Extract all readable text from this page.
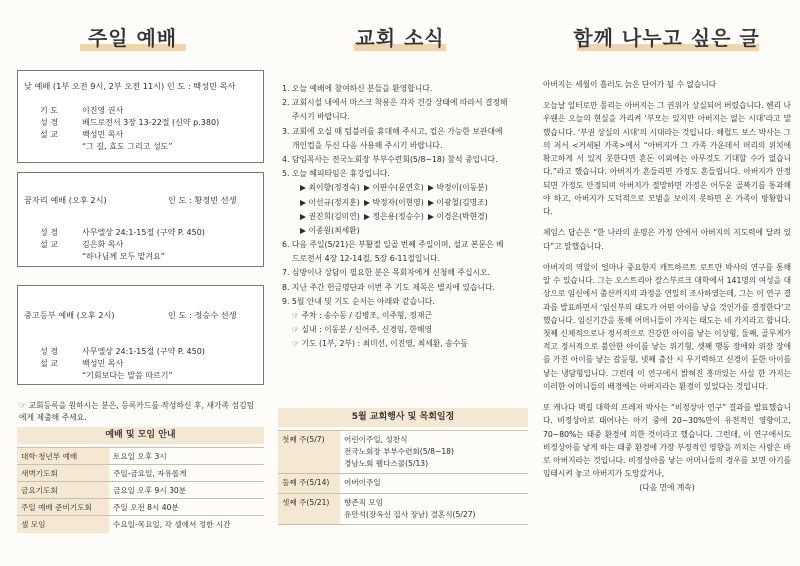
주일 예배
낮 예배 (1부 오전 9시, 2부 오전 11시) 인 도 : 백성민 목사
기 도	이진영 권사
성 경	베드로전서 3장 13-22절 (신약 p.380)
설 교	백성민 목사
“그 길, 효도 그리고 성도”
꿈자리 예배 (오후 2시)	인 도 : 황정빈 선생
성 경	사무엘상 24:1-15절 (구약 P. 450)
설 교	김은화 목사
“하나님께 모두 맡겨요”
중고등부 예배 (오후 2시)	인 도 : 정승수 선생
성 경	사무엘상 24:1-15절 (구약 P. 450)
설 교	백성민 목사
“기회보다는 말씀 따르기”
☞ 교회등록을 원하시는 분은, 등록카드를 작성하신 후, 새가족 섬김팀에게 제출해 주세요.
예배 및 모임 안내
대학·청년부 예배	토요일 오후 3시
새벽기도회	주일-금요일, 자유롭게
금요기도회	금요일 오후 9시 30분
주일 예배 준비기도회	주일 오전 8시 40분
셀 모임	수요일-목요일, 각 셀에서 정한 시간
교회 소식

1. 오늘 예배에 참여하신 분들을 환영합니다.

2. 교회시설 내에서 마스크 착용은 각자 건강 상태에 따라서 결정해

주시기 바랍니다.

3. 교회에 오실 때 텀블러를 휴대해 주시고, 컵은 가능한 보관대에

개인컵을 두신 다음 사용해 주시기 바랍니다.

4. 담임목사는 전국노회장 부부수련회(5/8~18) 참석 중입니다.

5. 오늘 헤피타임은 휴강입니다.

▶ 최이향(정경숙) ▶ 이판수(문연호) ▶ 박정이(이동분)
▶ 이선규(정지훈) ▶ 박정자(이현영) ▶ 이광철(김명조)
▶ 권진희(김미연) ▶ 정은용(정승수) ▶ 이경은(박현경)
▶ 이종원(최세환)

6. 다음 주일(5/21)은 부활절 일곱 번째 주일이며, 설교 본문은 베

드로전서 4장 12-14절, 5장 6-11절입니다.

7. 심방이나 상담이 필요한 분은 목회자에게 신청해 주십시오.

8. 지난 주간 헌금명단과 이번 주 기도 제목은 별지에 있습니다.

9. 5월 안내 및 기도 순서는 아래와 같습니다.

☞ 주차 : 송수동 / 김병조, 이주형, 정재근

☞ 실내 : 이동분 / 신어주, 신경임, 한해영

☞ 기도 (1부, 2부) : 최미선, 이진영, 최세환, 송수동

5월 교회행사 및 목회일정
첫째 주(5/7)	어린이주일, 성찬식
전국노회장 부부수련회(5/8~18)
경남노회 웰다스콜(5/13)

둘째 주(5/14)	어버이주일

셋째 주(5/21)	향존직 모임
유만석(장옥선 집사 장남) 결혼식(5/27)
함께 나누고 싶은 글

아버지는 세월이 흘러도 늙은 단어가 될 수 없습니다

오늘날 일터로만 몰리는 아버지는 그 권위가 상실되어 버렸습니다. 헨리 나우웬은 오늘의 현실을 가리켜 ‘부모는 있지만 아버지는 없는 시대’라고 말했습니다. ‘부권 상실의 시대’의 시대라는 것입니다. 해럴드 보스 박사는 그의 저서 <거세된 가족>에서 “아버지가 그 가족 가운데서 머리의 위치에 확고하게 서 있지 못한다면 혼돈 이외에는 아무것도 기대할 수가 없습니다.”라고 했습니다. 아버지가 흔들리면 가정도 흔들립니다. 아버지가 안정되면 가정도 안정되며 아버지가 절망하면 가정은 어두운 골짜기를 통과해야 하고, 아버지가 도덕적으로 모범을 보이지 못하면 온 가족이 방황합니다.

체임스 답슨은 “한 나라의 운명은 가정 안에서 아버지의 지도력에 달려 있다”고 말했습니다.

아버지의 역할이 얼마나 중요한지 캐트하르트 로트만 박사의 연구를 통해 알 수 있습니다. 그는 오스트리아 잘스부르크 대학에서 141명의 여성을 대상으로 임신에서 출산까지의 과정을 연밀히 조사하였는데, 그는 이 연구 결과를 발표하면서 ‘임신부의 태도가 어떤 아이를 낳을 것인가를 결정한다’고 했습니다. 임신기간을 통해 어머니들이 가지는 태도는 네 가지라고 합니다. 첫째 신체적으로나 정서적으로 건강한 아이를 낳는 이상형, 둘째, 골무게가 적고 정서적으로 불안한 아이를 낳는 위기형, 셋째 행동 장애와 위장 장애를 가진 아이를 낳는 갈등형, 넷째 출산 시 무기력하고 신경이 둔한 아이를 낳는 냉담형입니다. 그런데 이 연구에서 밝혀진 흥미있는 사실 한 가지는 이러한 어머니들의 배경에는 아버지라는 환경이 있었다는 것입니다.

또 캐나다 맥길 대학의 프레저 박사는 “비정상아 연구” 결과를 발표했습니다. 비정상아로 태어나는 아기 중에 20~30%만이 유전적인 영향이고, 70~80%는 태중 환경에 의한 것이라고 했습니다. 그런데, 이 연구에서도 비정상아를 낳게 하는 태중 환경에 가장 부정적인 영향을 끼치는 사람은 바로 아버지라는 것입니다. 비정상아를 낳는 어머니들의 경우를 보면 아기를 임태시켜 놓고 아버지가 도망갔거나,

(다음 면에 계속)
